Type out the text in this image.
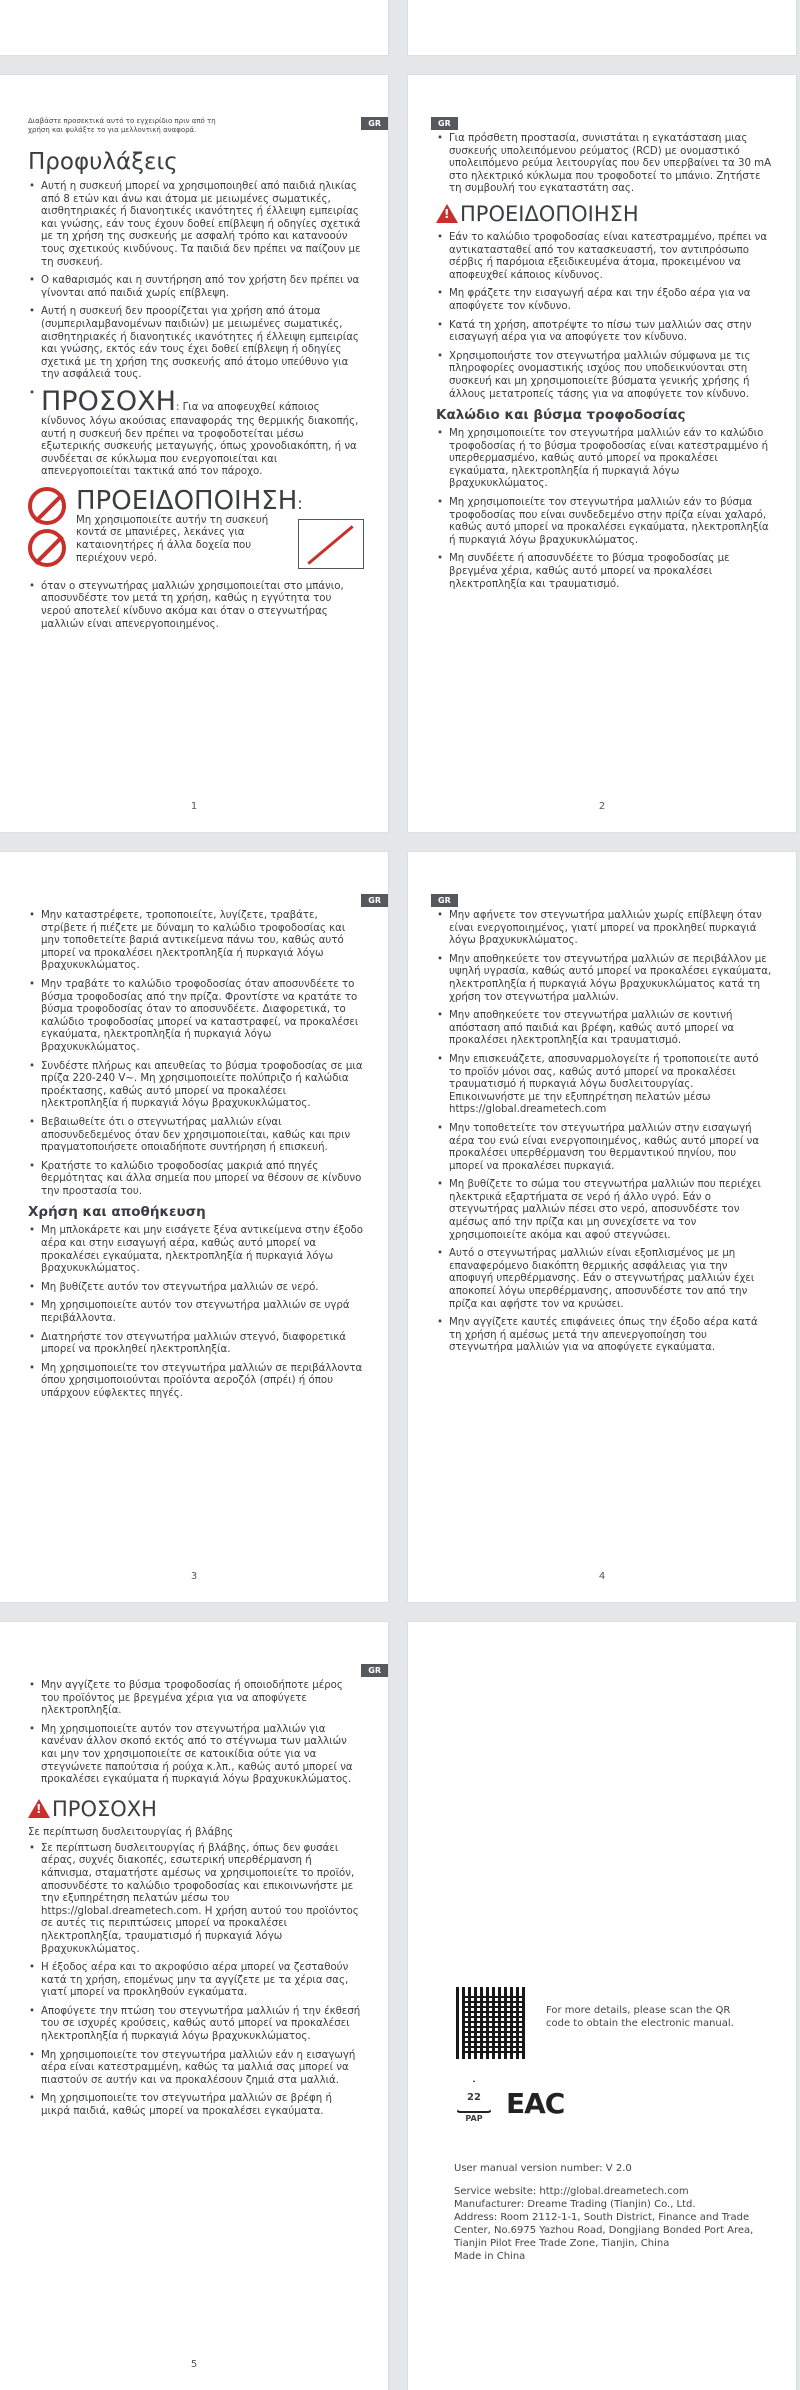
GR

Διαβάστε προσεκτικά αυτό το εγχειρίδιο πριν από τη χρήση και φυλάξτε το για μελλοντική αναφορά.

Προφυλάξεις
• Αυτή η συσκευή μπορεί να χρησιμοποιηθεί από παιδιά ηλικίας από 8 ετών και άνω και άτομα με μειωμένες σωματικές, αισθητηριακές ή διανοητικές ικανότητες ή έλλειψη εμπειρίας και γνώσης, εάν τους έχουν δοθεί επίβλεψη ή οδηγίες σχετικά με τη χρήση της συσκευής με ασφαλή τρόπο και κατανοούν τους σχετικούς κινδύνους. Τα παιδιά δεν πρέπει να παίζουν με τη συσκευή.
• Ο καθαρισμός και η συντήρηση από τον χρήστη δεν πρέπει να γίνονται από παιδιά χωρίς επίβλεψη.
• Αυτή η συσκευή δεν προορίζεται για χρήση από άτομα (συμπεριλαμβανομένων παιδιών) με μειωμένες σωματικές, αισθητηριακές ή διανοητικές ικανότητες ή έλλειψη εμπειρίας και γνώσης, εκτός εάν τους έχει δοθεί επίβλεψη ή οδηγίες σχετικά με τη χρήση της συσκευής από άτομο υπεύθυνο για την ασφάλειά τους.
• ΠΡΟΣΟΧΗ: Για να αποφευχθεί κάποιος κίνδυνος λόγω ακούσιας επαναφοράς της θερμικής διακοπής, αυτή η συσκευή δεν πρέπει να τροφοδοτείται μέσω εξωτερικής συσκευής μεταγωγής, όπως χρονοδιακόπτη, ή να συνδέεται σε κύκλωμα που ενεργοποιείται και απενεργοποιείται τακτικά από τον πάροχο.
ΠΡΟΕΙΔΟΠΟΙΗΣΗ:

Μη χρησιμοποιείτε αυτήν τη συσκευή κοντά σε μπανιέρες, λεκάνες για καταιονητήρες ή άλλα δοχεία που περιέχουν νερό.

• όταν ο στεγνωτήρας μαλλιών χρησιμοποιείται στο μπάνιο, αποσυνδέστε τον μετά τη χρήση, καθώς η εγγύτητα του νερού αποτελεί κίνδυνο ακόμα και όταν ο στεγνωτήρας μαλλιών είναι απενεργοποιημένος.
1
GR
• Για πρόσθετη προστασία, συνιστάται η εγκατάσταση μιας συσκευής υπολειπόμενου ρεύματος (RCD) με ονομαστικό υπολειπόμενο ρεύμα λειτουργίας που δεν υπερβαίνει τα 30 mA στο ηλεκτρικό κύκλωμα που τροφοδοτεί το μπάνιο. Ζητήστε τη συμβουλή του εγκαταστάτη σας.
!
ΠΡΟΕΙΔΟΠΟΙΗΣΗ
• Εάν το καλώδιο τροφοδοσίας είναι κατεστραμμένο, πρέπει να αντικατασταθεί από τον κατασκευαστή, τον αντιπρόσωπο σέρβις ή παρόμοια εξειδικευμένα άτομα, προκειμένου να αποφευχθεί κάποιος κίνδυνος.
• Μη φράζετε την εισαγωγή αέρα και την έξοδο αέρα για να αποφύγετε τον κίνδυνο.
• Κατά τη χρήση, αποτρέψτε το πίσω των μαλλιών σας στην εισαγωγή αέρα για να αποφύγετε τον κίνδυνο.
• Χρησιμοποιήστε τον στεγνωτήρα μαλλιών σύμφωνα με τις πληροφορίες ονομαστικής ισχύος που υποδεικνύονται στη συσκευή και μη χρησιμοποιείτε βύσματα γενικής χρήσης ή άλλους μετατροπείς τάσης για να αποφύγετε τον κίνδυνο.
Καλώδιο και βύσμα τροφοδοσίας
• Μη χρησιμοποιείτε τον στεγνωτήρα μαλλιών εάν το καλώδιο τροφοδοσίας ή το βύσμα τροφοδοσίας είναι κατεστραμμένο ή υπερθερμασμένο, καθώς αυτό μπορεί να προκαλέσει εγκαύματα, ηλεκτροπληξία ή πυρκαγιά λόγω βραχυκυκλώματος.
• Μη χρησιμοποιείτε τον στεγνωτήρα μαλλιών εάν το βύσμα τροφοδοσίας που είναι συνδεδεμένο στην πρίζα είναι χαλαρό, καθώς αυτό μπορεί να προκαλέσει εγκαύματα, ηλεκτροπληξία ή πυρκαγιά λόγω βραχυκυκλώματος.
• Μη συνδέετε ή αποσυνδέετε το βύσμα τροφοδοσίας με βρεγμένα χέρια, καθώς αυτό μπορεί να προκαλέσει ηλεκτροπληξία και τραυματισμό.
2
GR
• Μην καταστρέφετε, τροποποιείτε, λυγίζετε, τραβάτε, στρίβετε ή πιέζετε με δύναμη το καλώδιο τροφοδοσίας και μην τοποθετείτε βαριά αντικείμενα πάνω του, καθώς αυτό μπορεί να προκαλέσει ηλεκτροπληξία ή πυρκαγιά λόγω βραχυκυκλώματος.
• Μην τραβάτε το καλώδιο τροφοδοσίας όταν αποσυνδέετε το βύσμα τροφοδοσίας από την πρίζα. Φροντίστε να κρατάτε το βύσμα τροφοδοσίας όταν το αποσυνδέετε. Διαφορετικά, το καλώδιο τροφοδοσίας μπορεί να καταστραφεί, να προκαλέσει εγκαύματα, ηλεκτροπληξία ή πυρκαγιά λόγω βραχυκυκλώματος.
• Συνδέστε πλήρως και απευθείας το βύσμα τροφοδοσίας σε μια πρίζα 220-240 V~. Μη χρησιμοποιείτε πολύπριζο ή καλώδια προέκτασης, καθώς αυτό μπορεί να προκαλέσει ηλεκτροπληξία ή πυρκαγιά λόγω βραχυκυκλώματος.
• Βεβαιωθείτε ότι ο στεγνωτήρας μαλλιών είναι αποσυνδεδεμένος όταν δεν χρησιμοποιείται, καθώς και πριν πραγματοποιήσετε οποιαδήποτε συντήρηση ή επισκευή.
• Κρατήστε το καλώδιο τροφοδοσίας μακριά από πηγές θερμότητας και άλλα σημεία που μπορεί να θέσουν σε κίνδυνο την προστασία του.
Χρήση και αποθήκευση
• Μη μπλοκάρετε και μην εισάγετε ξένα αντικείμενα στην έξοδο αέρα και στην εισαγωγή αέρα, καθώς αυτό μπορεί να προκαλέσει εγκαύματα, ηλεκτροπληξία ή πυρκαγιά λόγω βραχυκυκλώματος.
• Μη βυθίζετε αυτόν τον στεγνωτήρα μαλλιών σε νερό.
• Μη χρησιμοποιείτε αυτόν τον στεγνωτήρα μαλλιών σε υγρά περιβάλλοντα.
• Διατηρήστε τον στεγνωτήρα μαλλιών στεγνό, διαφορετικά μπορεί να προκληθεί ηλεκτροπληξία.
• Μη χρησιμοποιείτε τον στεγνωτήρα μαλλιών σε περιβάλλοντα όπου χρησιμοποιούνται προϊόντα αεροζόλ (σπρέι) ή όπου υπάρχουν εύφλεκτες πηγές.
3
GR
• Μην αφήνετε τον στεγνωτήρα μαλλιών χωρίς επίβλεψη όταν είναι ενεργοποιημένος, γιατί μπορεί να προκληθεί πυρκαγιά λόγω βραχυκυκλώματος.
• Μην αποθηκεύετε τον στεγνωτήρα μαλλιών σε περιβάλλον με υψηλή υγρασία, καθώς αυτό μπορεί να προκαλέσει εγκαύματα, ηλεκτροπληξία ή πυρκαγιά λόγω βραχυκυκλώματος κατά τη χρήση τον στεγνωτήρα μαλλιών.
• Μην αποθηκεύετε τον στεγνωτήρα μαλλιών σε κοντινή απόσταση από παιδιά και βρέφη, καθώς αυτό μπορεί να προκαλέσει ηλεκτροπληξία και τραυματισμό.
• Μην επισκευάζετε, αποσυναρμολογείτε ή τροποποιείτε αυτό το προϊόν μόνοι σας, καθώς αυτό μπορεί να προκαλέσει τραυματισμό ή πυρκαγιά λόγω δυσλειτουργίας. Επικοινωνήστε με την εξυπηρέτηση πελατών μέσω https://global.dreametech.com
• Μην τοποθετείτε τον στεγνωτήρα μαλλιών στην εισαγωγή αέρα του ενώ είναι ενεργοποιημένος, καθώς αυτό μπορεί να προκαλέσει υπερθέρμανση του θερμαντικού πηνίου, που μπορεί να προκαλέσει πυρκαγιά.
• Μη βυθίζετε το σώμα του στεγνωτήρα μαλλιών που περιέχει ηλεκτρικά εξαρτήματα σε νερό ή άλλο υγρό. Εάν ο στεγνωτήρας μαλλιών πέσει στο νερό, αποσυνδέστε τον αμέσως από την πρίζα και μη συνεχίσετε να τον χρησιμοποιείτε ακόμα και αφού στεγνώσει.
• Αυτό ο στεγνωτήρας μαλλιών είναι εξοπλισμένος με μη επαναφερόμενο διακόπτη θερμικής ασφάλειας για την αποφυγή υπερθέρμανσης. Εάν ο στεγνωτήρας μαλλιών έχει αποκοπεί λόγω υπερθέρμανσης, αποσυνδέστε τον από την πρίζα και αφήστε τον να κρυώσει.
• Μην αγγίζετε καυτές επιφάνειες όπως την έξοδο αέρα κατά τη χρήση ή αμέσως μετά την απενεργοποίηση του στεγνωτήρα μαλλιών για να αποφύγετε εγκαύματα.
4
GR
• Μην αγγίζετε το βύσμα τροφοδοσίας ή οποιοδήποτε μέρος του προϊόντος με βρεγμένα χέρια για να αποφύγετε ηλεκτροπληξία.
• Μη χρησιμοποιείτε αυτόν τον στεγνωτήρα μαλλιών για κανέναν άλλον σκοπό εκτός από το στέγνωμα των μαλλιών και μην τον χρησιμοποιείτε σε κατοικίδια ούτε για να στεγνώνετε παπούτσια ή ρούχα κ.λπ., καθώς αυτό μπορεί να προκαλέσει εγκαύματα ή πυρκαγιά λόγω βραχυκυκλώματος.
!
ΠΡΟΣΟΧΗ

Σε περίπτωση δυσλειτουργίας ή βλάβης

• Σε περίπτωση δυσλειτουργίας ή βλάβης, όπως δεν φυσάει αέρας, συχνές διακοπές, εσωτερική υπερθέρμανση ή κάπνισμα, σταματήστε αμέσως να χρησιμοποιείτε το προϊόν, αποσυνδέστε το καλώδιο τροφοδοσίας και επικοινωνήστε με την εξυπηρέτηση πελατών μέσω του https://global.dreametech.com. Η χρήση αυτού του προϊόντος σε αυτές τις περιπτώσεις μπορεί να προκαλέσει ηλεκτροπληξία, τραυματισμό ή πυρκαγιά λόγω βραχυκυκλώματος.
• Η έξοδος αέρα και το ακροφύσιο αέρα μπορεί να ζεσταθούν κατά τη χρήση, επομένως μην τα αγγίζετε με τα χέρια σας, γιατί μπορεί να προκληθούν εγκαύματα.
• Αποφύγετε την πτώση του στεγνωτήρα μαλλιών ή την έκθεσή του σε ισχυρές κρούσεις, καθώς αυτό μπορεί να προκαλέσει ηλεκτροπληξία ή πυρκαγιά λόγω βραχυκυκλώματος.
• Μη χρησιμοποιείτε τον στεγνωτήρα μαλλιών εάν η εισαγωγή αέρα είναι κατεστραμμένη, καθώς τα μαλλιά σας μπορεί να πιαστούν σε αυτήν και να προκαλέσουν ζημιά στα μαλλιά.
• Μη χρησιμοποιείτε τον στεγνωτήρα μαλλιών σε βρέφη ή μικρά παιδιά, καθώς μπορεί να προκαλέσει εγκαύματα.
5

For more details, please scan the QR code to obtain the electronic manual.

22
PAP EAC

User manual version number: V 2.0

Service website: http://global.dreametech.com
Manufacturer: Dreame Trading (Tianjin) Co., Ltd.
Address: Room 2112-1-1, South District, Finance and Trade Center, No.6975 Yazhou Road, Dongjiang Bonded Port Area, Tianjin Pilot Free Trade Zone, Tianjin, China
Made in China
